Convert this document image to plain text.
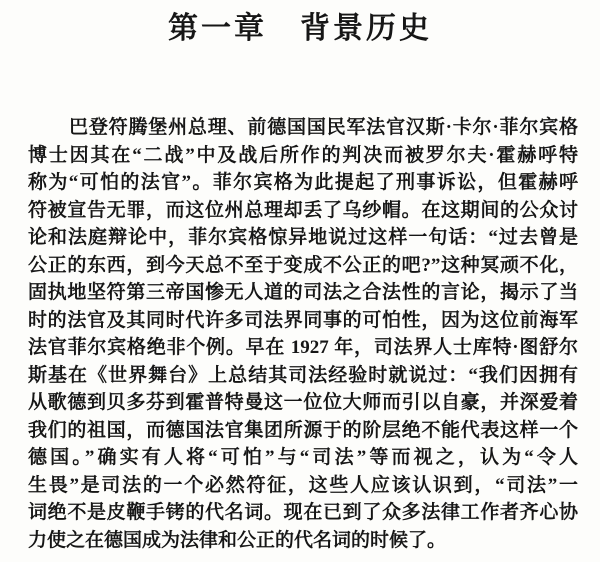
第一章　背景历史
巴登符腾堡州总理、前德国国民军法官汉斯·卡尔·菲尔宾格
博士因其在“二战”中及战后所作的判决而被罗尔夫·霍赫呼特
称为“可怕的法官”。菲尔宾格为此提起了刑事诉讼，但霍赫呼
符被宣告无罪，而这位州总理却丢了乌纱帽。在这期间的公众讨
论和法庭辩论中，菲尔宾格惊异地说过这样一句话：“过去曾是
公正的东西，到今天总不至于变成不公正的吧?”这种冥顽不化，
固执地坚符第三帝国惨无人道的司法之合法性的言论，揭示了当
时的法官及其同时代许多司法界同事的可怕性，因为这位前海军
法官菲尔宾格绝非个例。早在 1927 年，司法界人士库特·图舒尔
斯基在《世界舞台》上总结其司法经验时就说过：“我们因拥有
从歌德到贝多芬到霍普特曼这一位位大师而引以自豪，并深爱着
我们的祖国，而德国法官集团所源于的阶层绝不能代表这样一个
德国。”确实有人将“可怕”与“司法”等而视之，认为“令人
生畏”是司法的一个必然符征，这些人应该认识到，“司法”一
词绝不是皮鞭手铐的代名词。现在已到了众多法律工作者齐心协
力使之在德国成为法律和公正的代名词的时候了。
